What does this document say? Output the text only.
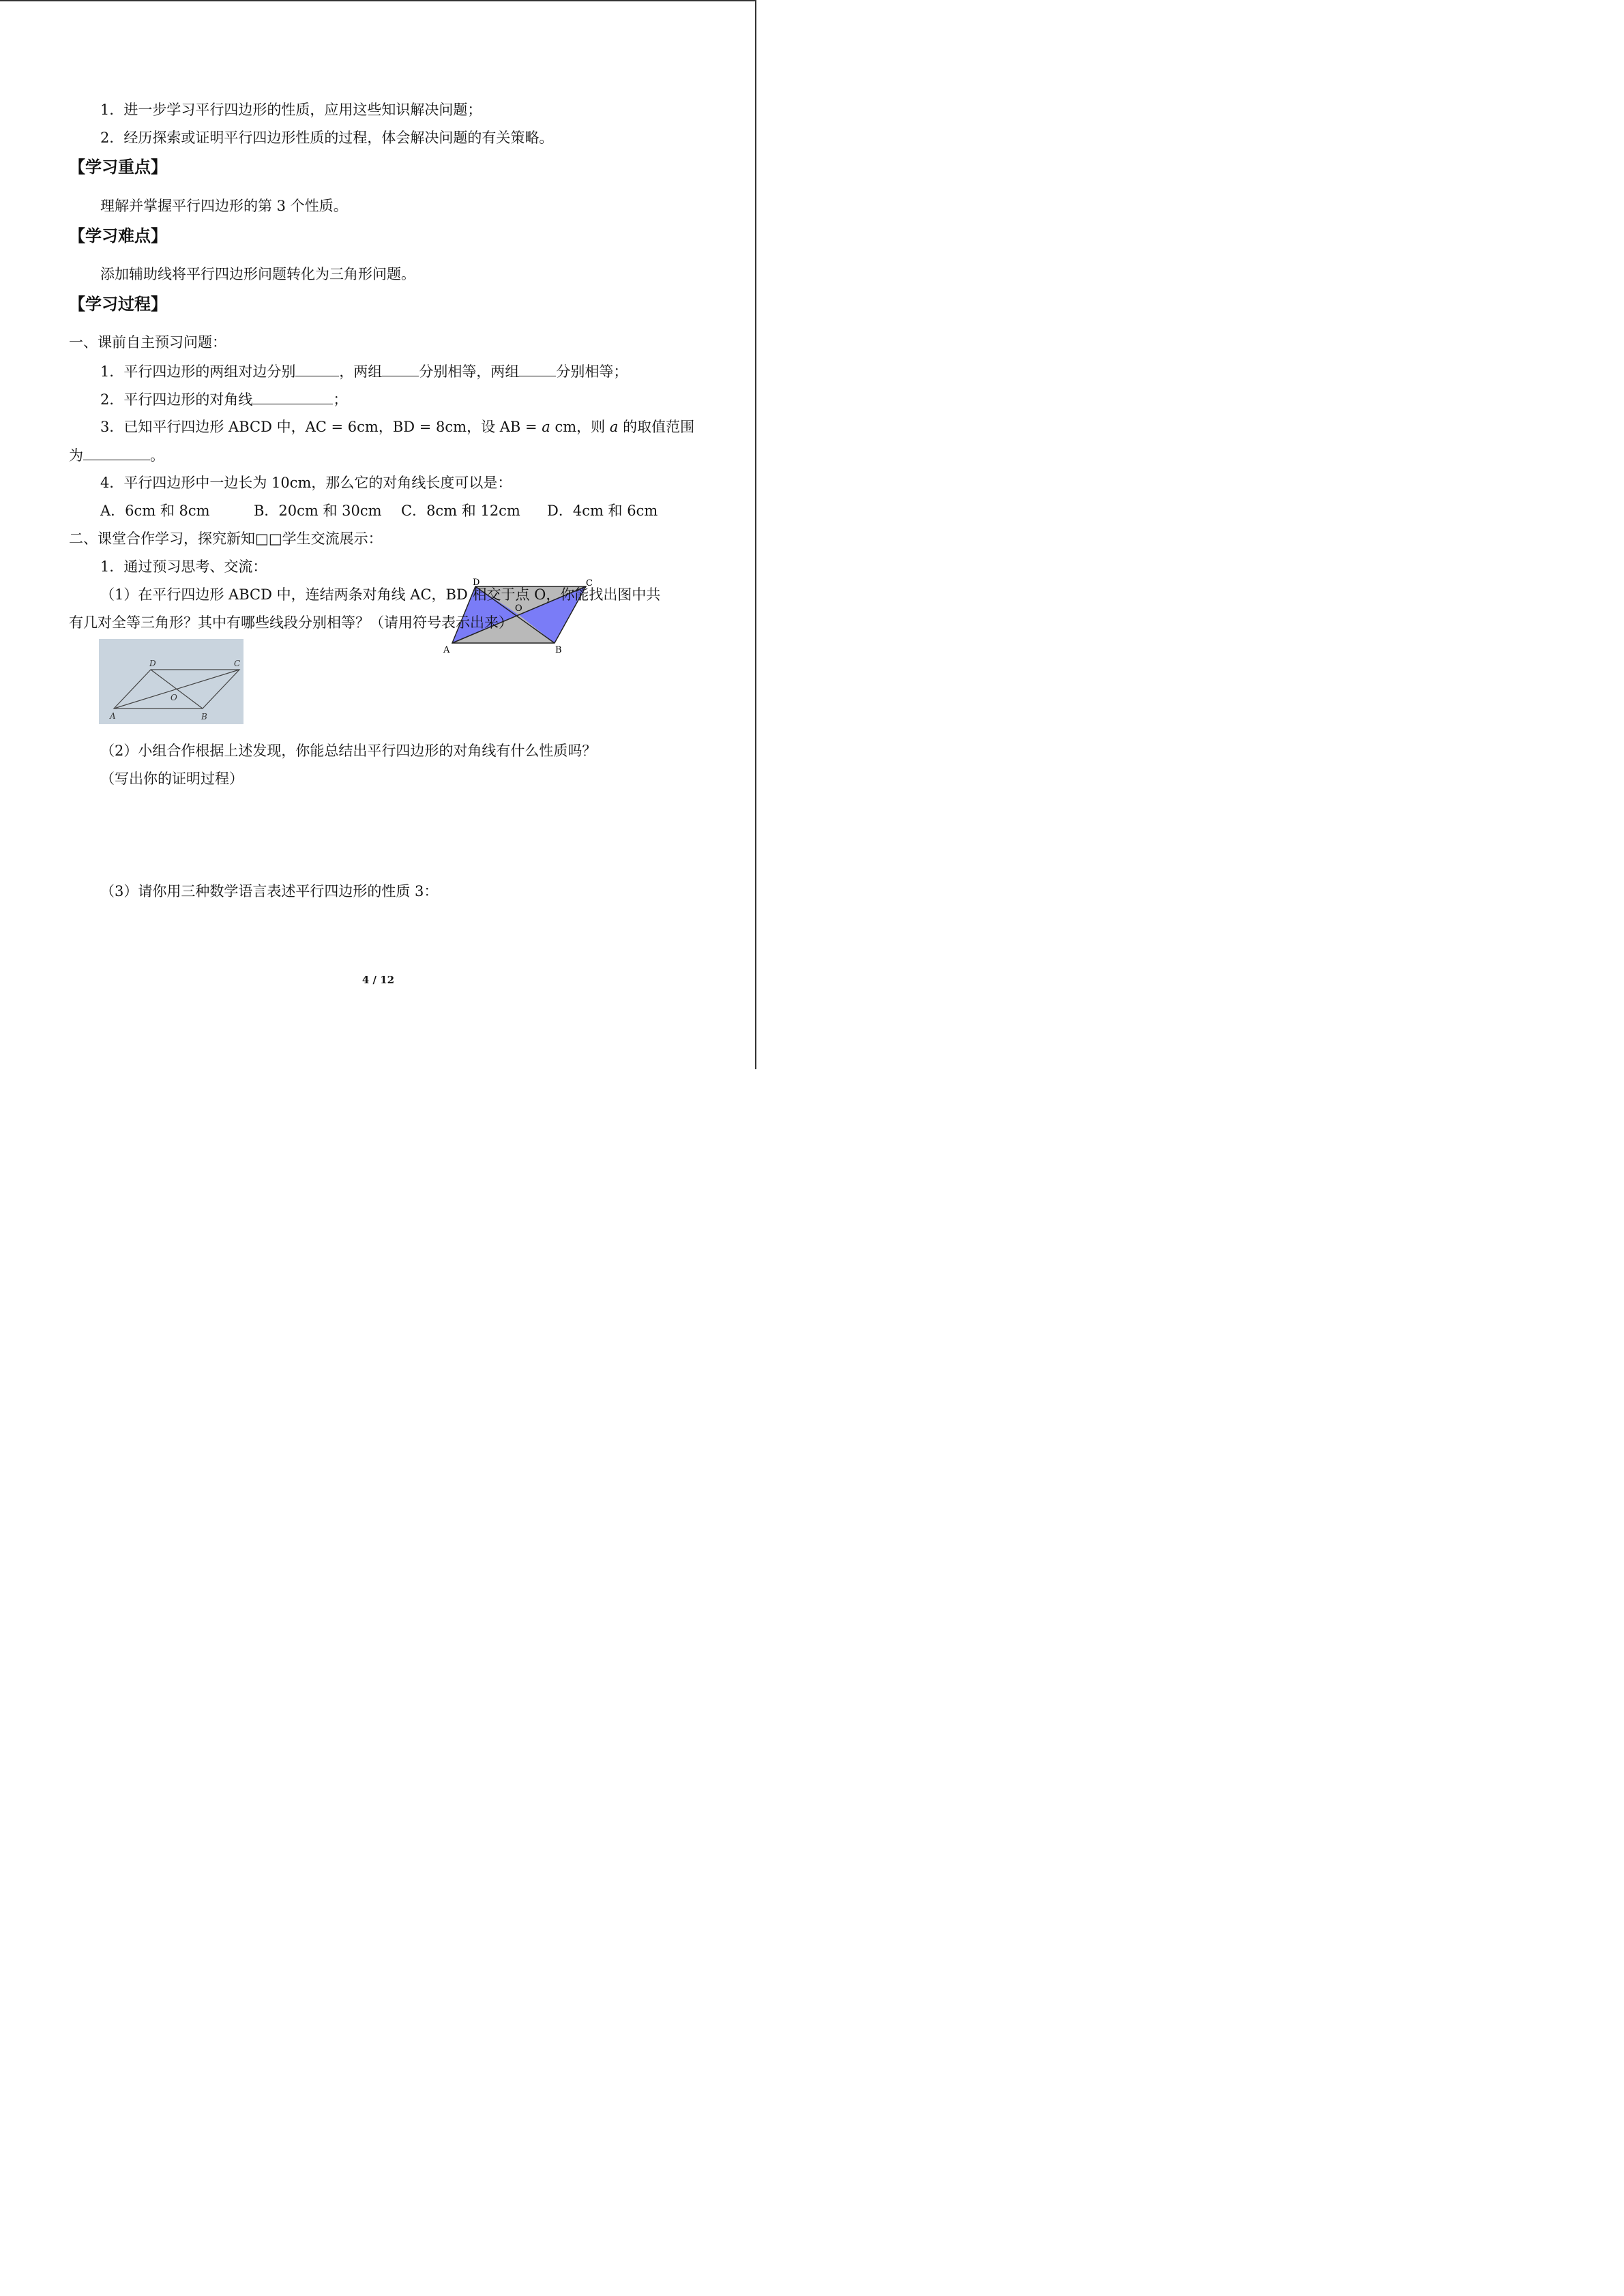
1．进一步学习平行四边形的性质，应用这些知识解决问题；
2．经历探索或证明平行四边形性质的过程，体会解决问题的有关策略。
【学习重点】
理解并掌握平行四边形的第 3 个性质。
【学习难点】
添加辅助线将平行四边形问题转化为三角形问题。
【学习过程】
一、课前自主预习问题：
1．平行四边形的两组对边分别	，两组	分别相等，两组	分别相等；
2．平行四边形的对角线	；
3．已知平行四边形 ABCD 中，AC = 6cm，BD = 8cm，设 AB = a cm，则 a 的取值范围
为	。
4．平行四边形中一边长为 10cm，那么它的对角线长度可以是：
A．6cm 和 8cm	B．20cm 和 30cm C．8cm 和 12cm D．4cm 和 6cm
二、课堂合作学习，探究新知□□学生交流展示：
1．通过预习思考、交流：
A	B
C
D
O
（1）在平行四边形 ABCD 中，连结两条对角线 AC，BD 相交于点 O，你能找出图中共
有几对全等三角形？其中有哪些线段分别相等？（请用符号表示出来）
A	B
C
D
O
（2）小组合作根据上述发现，你能总结出平行四边形的对角线有什么性质吗？
（写出你的证明过程）
（3）请你用三种数学语言表述平行四边形的性质 3：
4 / 12
